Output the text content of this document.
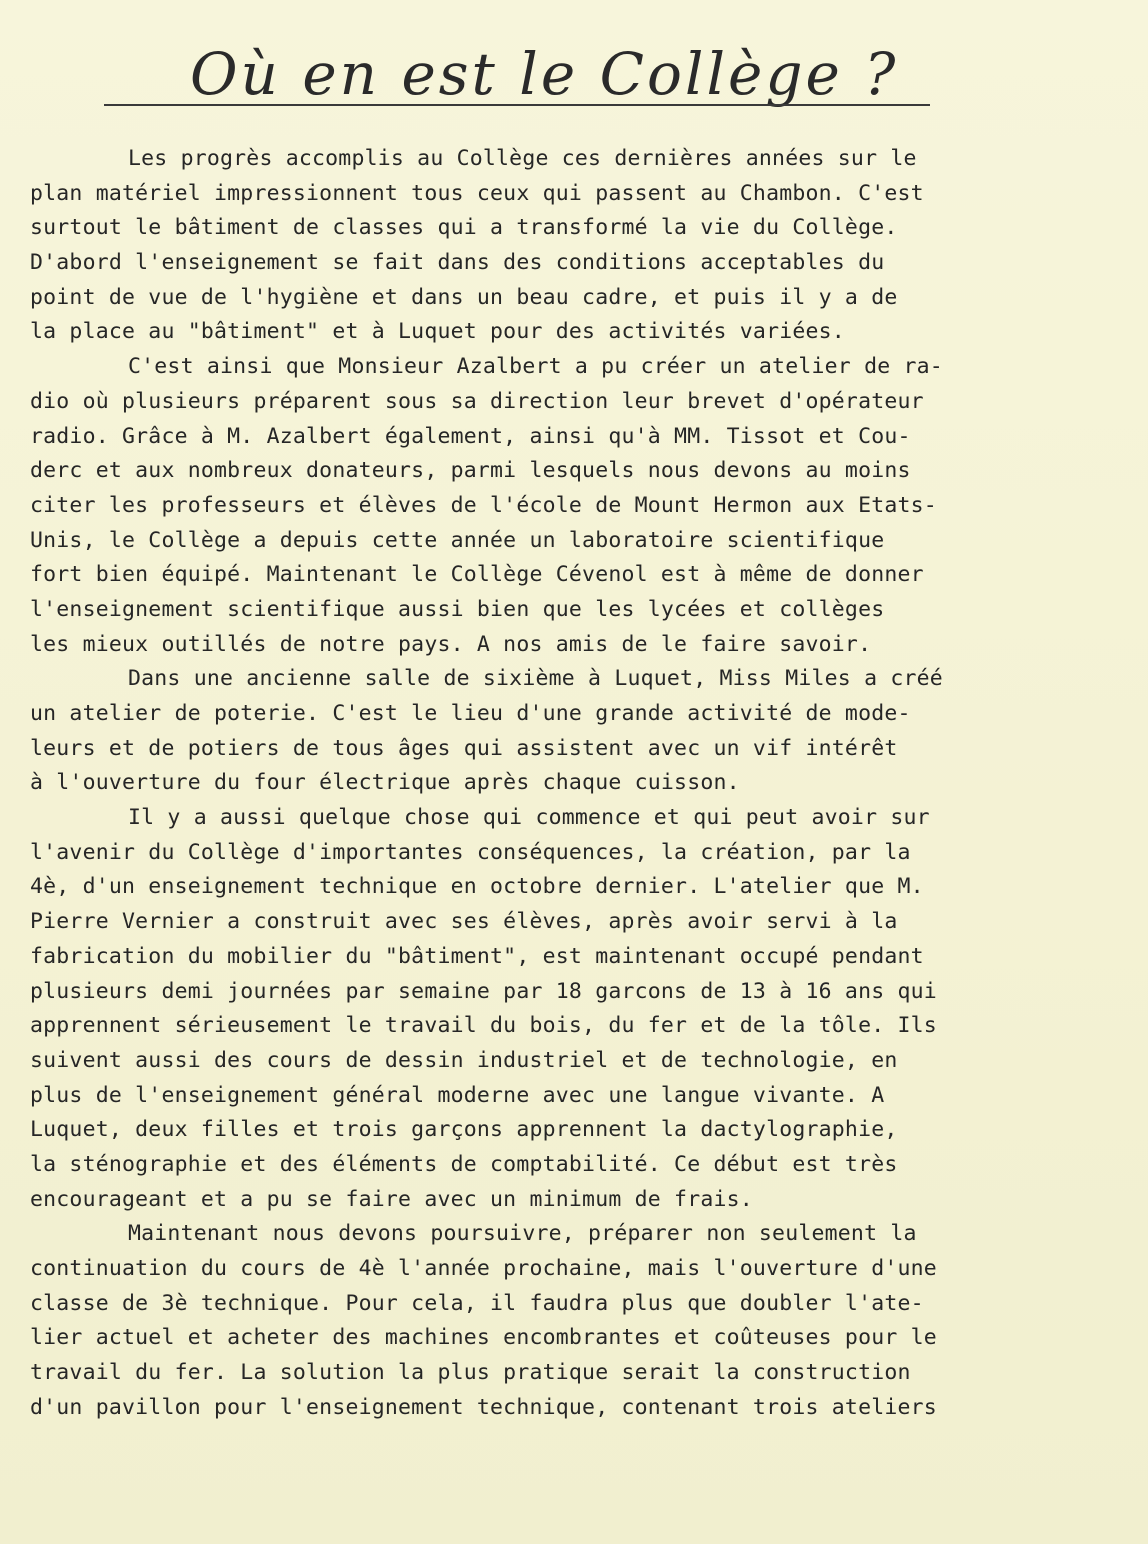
Où en est le Collège ?
Les progrès accomplis au Collège ces dernières années sur le
plan matériel impressionnent tous ceux qui passent au Chambon. C'est
surtout le bâtiment de classes qui a transformé la vie du Collège.
D'abord l'enseignement se fait dans des conditions acceptables du
point de vue de l'hygiène et dans un beau cadre, et puis il y a de
la place au "bâtiment" et à Luquet pour des activités variées.
C'est ainsi que Monsieur Azalbert a pu créer un atelier de ra-
dio où plusieurs préparent sous sa direction leur brevet d'opérateur
radio. Grâce à M. Azalbert également, ainsi qu'à MM. Tissot et Cou-
derc et aux nombreux donateurs, parmi lesquels nous devons au moins
citer les professeurs et élèves de l'école de Mount Hermon aux Etats-
Unis, le Collège a depuis cette année un laboratoire scientifique
fort bien équipé. Maintenant le Collège Cévenol est à même de donner
l'enseignement scientifique aussi bien que les lycées et collèges
les mieux outillés de notre pays. A nos amis de le faire savoir.
Dans une ancienne salle de sixième à Luquet, Miss Miles a créé
un atelier de poterie. C'est le lieu d'une grande activité de mode-
leurs et de potiers de tous âges qui assistent avec un vif intérêt
à l'ouverture du four électrique après chaque cuisson.
Il y a aussi quelque chose qui commence et qui peut avoir sur
l'avenir du Collège d'importantes conséquences, la création, par la
4è, d'un enseignement technique en octobre dernier. L'atelier que M.
Pierre Vernier a construit avec ses élèves, après avoir servi à la
fabrication du mobilier du "bâtiment", est maintenant occupé pendant
plusieurs demi journées par semaine par 18 garcons de 13 à 16 ans qui
apprennent sérieusement le travail du bois, du fer et de la tôle. Ils
suivent aussi des cours de dessin industriel et de technologie, en
plus de l'enseignement général moderne avec une langue vivante. A
Luquet, deux filles et trois garçons apprennent la dactylographie,
la sténographie et des éléments de comptabilité. Ce début est très
encourageant et a pu se faire avec un minimum de frais.
Maintenant nous devons poursuivre, préparer non seulement la
continuation du cours de 4è l'année prochaine, mais l'ouverture d'une
classe de 3è technique. Pour cela, il faudra plus que doubler l'ate-
lier actuel et acheter des machines encombrantes et coûteuses pour le
travail du fer. La solution la plus pratique serait la construction
d'un pavillon pour l'enseignement technique, contenant trois ateliers
